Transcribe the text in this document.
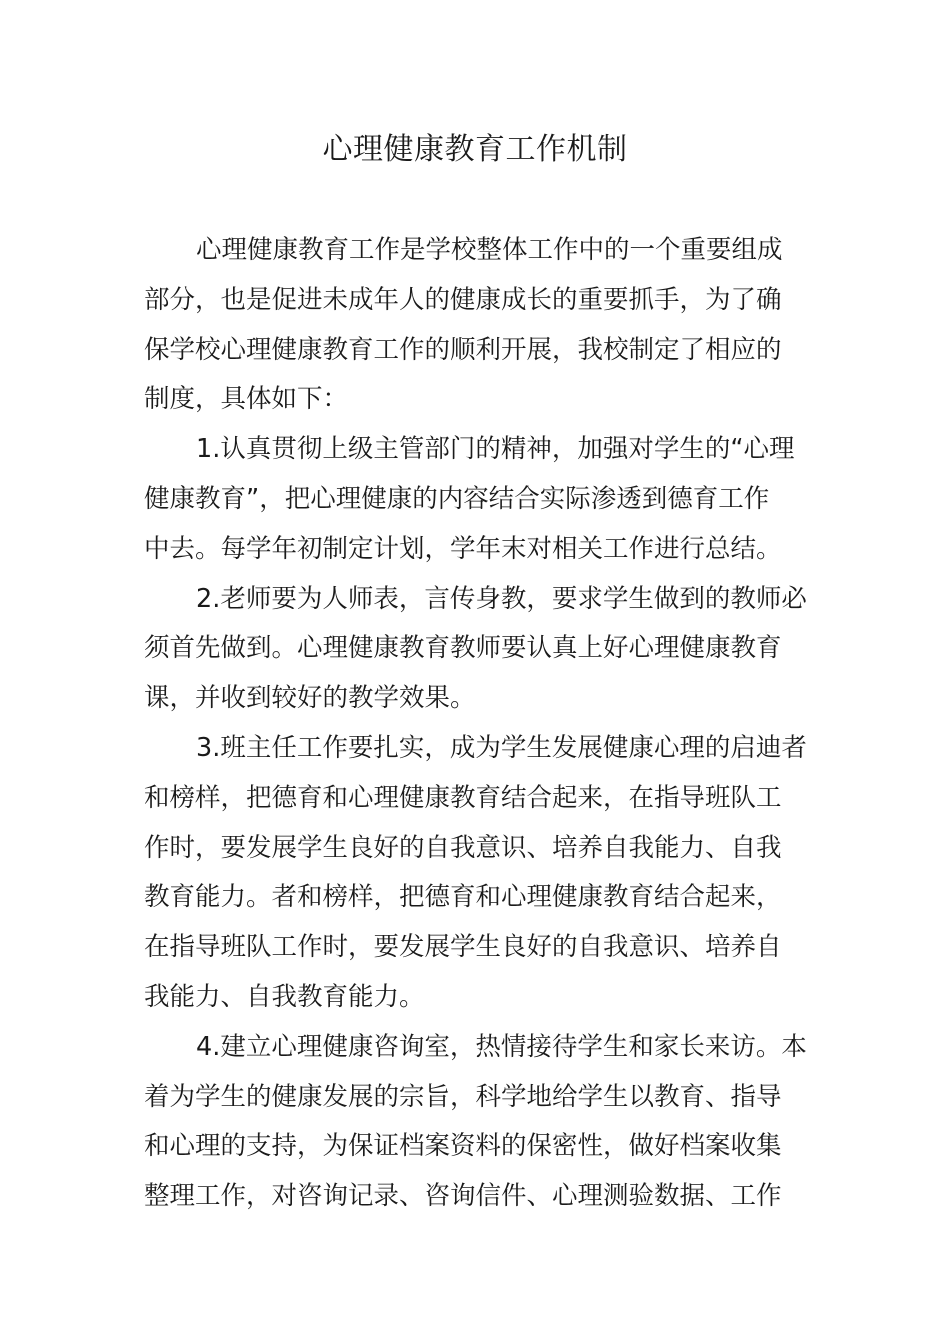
心理健康教育工作机制
心理健康教育工作是学校整体工作中的一个重要组成
部分，也是促进未成年人的健康成长的重要抓手，为了确
保学校心理健康教育工作的顺利开展，我校制定了相应的
制度，具体如下：
1.认真贯彻上级主管部门的精神，加强对学生的“心理
健康教育”，把心理健康的内容结合实际渗透到德育工作
中去。每学年初制定计划，学年末对相关工作进行总结。
2.老师要为人师表，言传身教，要求学生做到的教师必
须首先做到。心理健康教育教师要认真上好心理健康教育
课，并收到较好的教学效果。
3.班主任工作要扎实，成为学生发展健康心理的启迪者
和榜样，把德育和心理健康教育结合起来，在指导班队工
作时，要发展学生良好的自我意识、培养自我能力、自我
教育能力。者和榜样，把德育和心理健康教育结合起来，
在指导班队工作时，要发展学生良好的自我意识、培养自
我能力、自我教育能力。
4.建立心理健康咨询室，热情接待学生和家长来访。本
着为学生的健康发展的宗旨，科学地给学生以教育、指导
和心理的支持，为保证档案资料的保密性，做好档案收集
整理工作，对咨询记录、咨询信件、心理测验数据、工作
